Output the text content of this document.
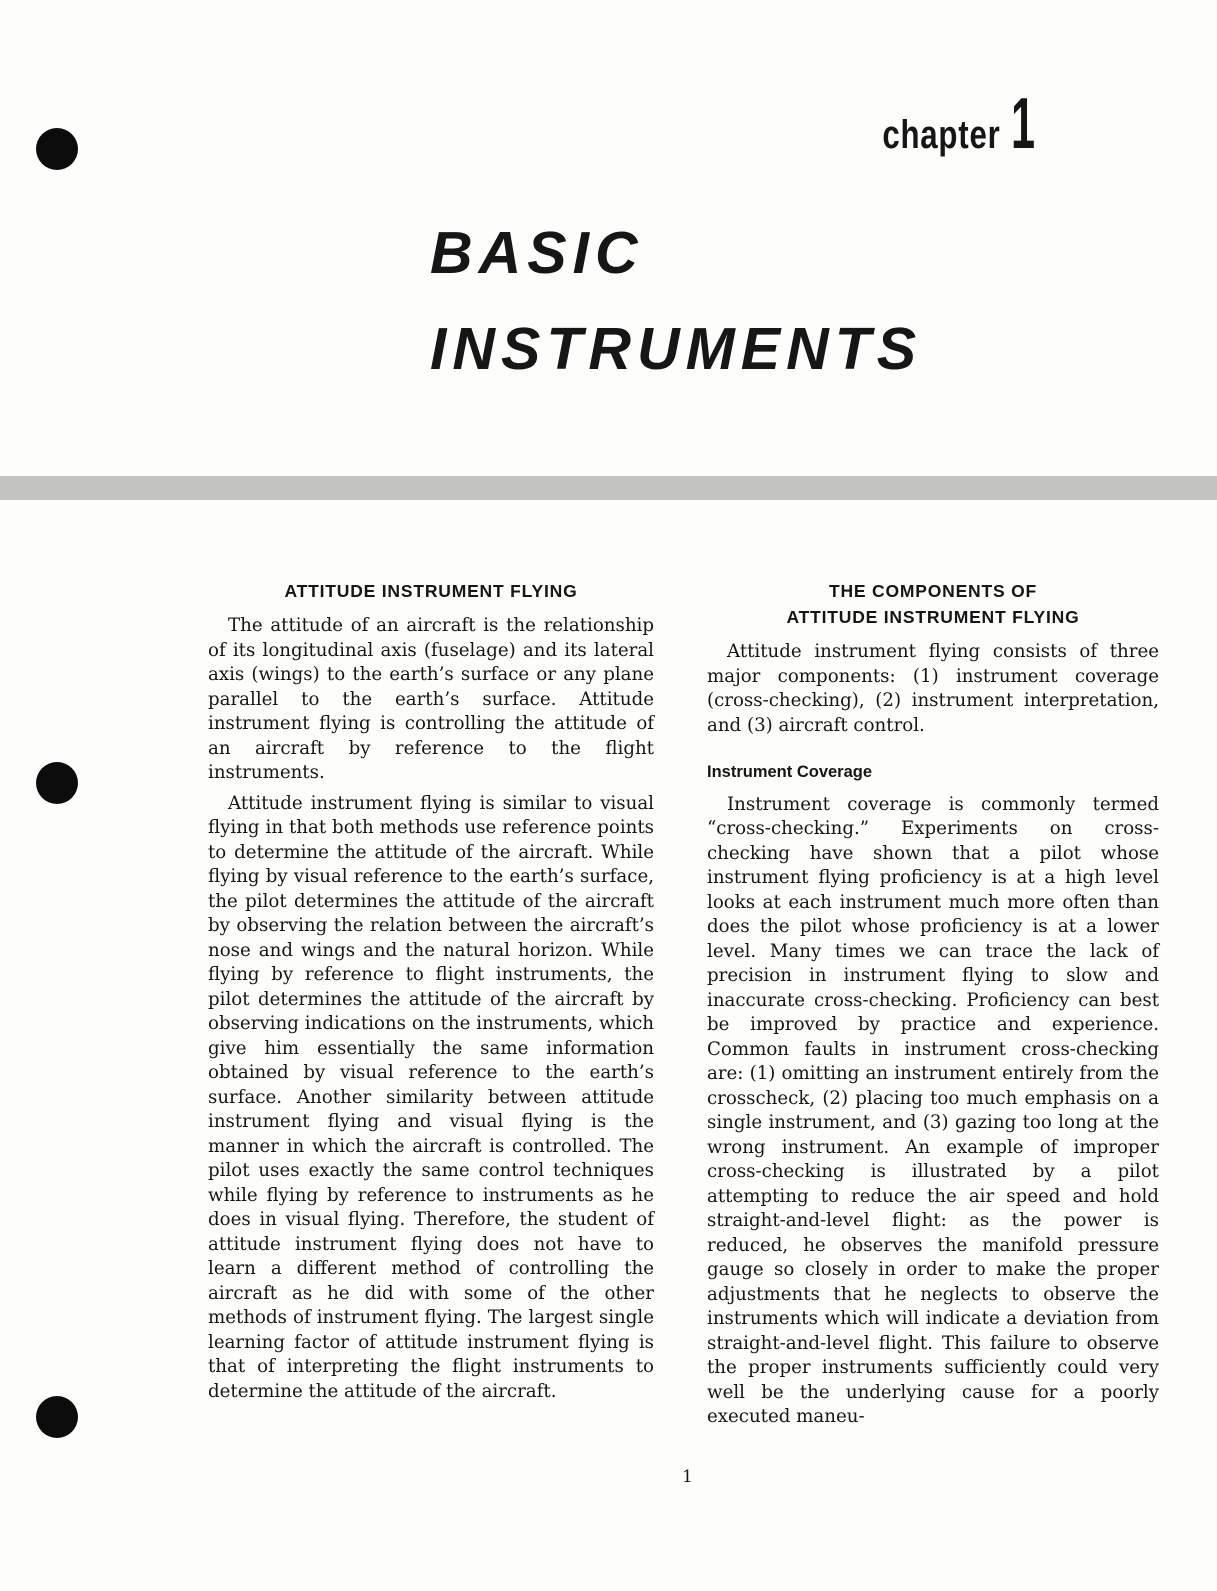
chapter 1
BASIC
INSTRUMENTS
ATTITUDE INSTRUMENT FLYING

The attitude of an aircraft is the relationship of its longitudinal axis (fuselage) and its lateral axis (wings) to the earth’s surface or any plane parallel to the earth’s surface. Attitude instrument flying is controlling the attitude of an aircraft by reference to the flight instruments.

Attitude instrument flying is similar to visual flying in that both methods use reference points to determine the attitude of the aircraft. While flying by visual reference to the earth’s surface, the pilot determines the attitude of the aircraft by observing the relation between the aircraft’s nose and wings and the natural horizon. While flying by reference to flight instruments, the pilot determines the attitude of the aircraft by observing indications on the instruments, which give him essentially the same information obtained by visual reference to the earth’s surface. Another similarity between attitude instrument flying and visual flying is the manner in which the aircraft is controlled. The pilot uses exactly the same control techniques while flying by reference to instruments as he does in visual flying. Therefore, the student of attitude instrument flying does not have to learn a different method of controlling the aircraft as he did with some of the other methods of instrument flying. The largest single learning factor of attitude instrument flying is that of interpreting the flight instruments to determine the attitude of the aircraft.

THE COMPONENTS OF
ATTITUDE INSTRUMENT FLYING

Attitude instrument flying consists of three major components: (1) instrument coverage (cross-checking), (2) instrument interpretation, and (3) aircraft control.

Instrument Coverage

Instrument coverage is commonly termed “cross-checking.” Experiments on cross-checking have shown that a pilot whose instrument flying proficiency is at a high level looks at each instrument much more often than does the pilot whose proficiency is at a lower level. Many times we can trace the lack of precision in instrument flying to slow and inaccurate cross-checking. Proficiency can best be improved by practice and experience. Common faults in instrument cross-checking are: (1) omitting an instrument entirely from the crosscheck, (2) placing too much emphasis on a single instrument, and (3) gazing too long at the wrong instrument. An example of improper cross-checking is illustrated by a pilot attempting to reduce the air speed and hold straight-and-level flight: as the power is reduced, he observes the manifold pressure gauge so closely in order to make the proper adjustments that he neglects to observe the instruments which will indicate a deviation from straight-and-level flight. This failure to observe the proper instruments sufficiently could very well be the underlying cause for a poorly executed maneu-

1
